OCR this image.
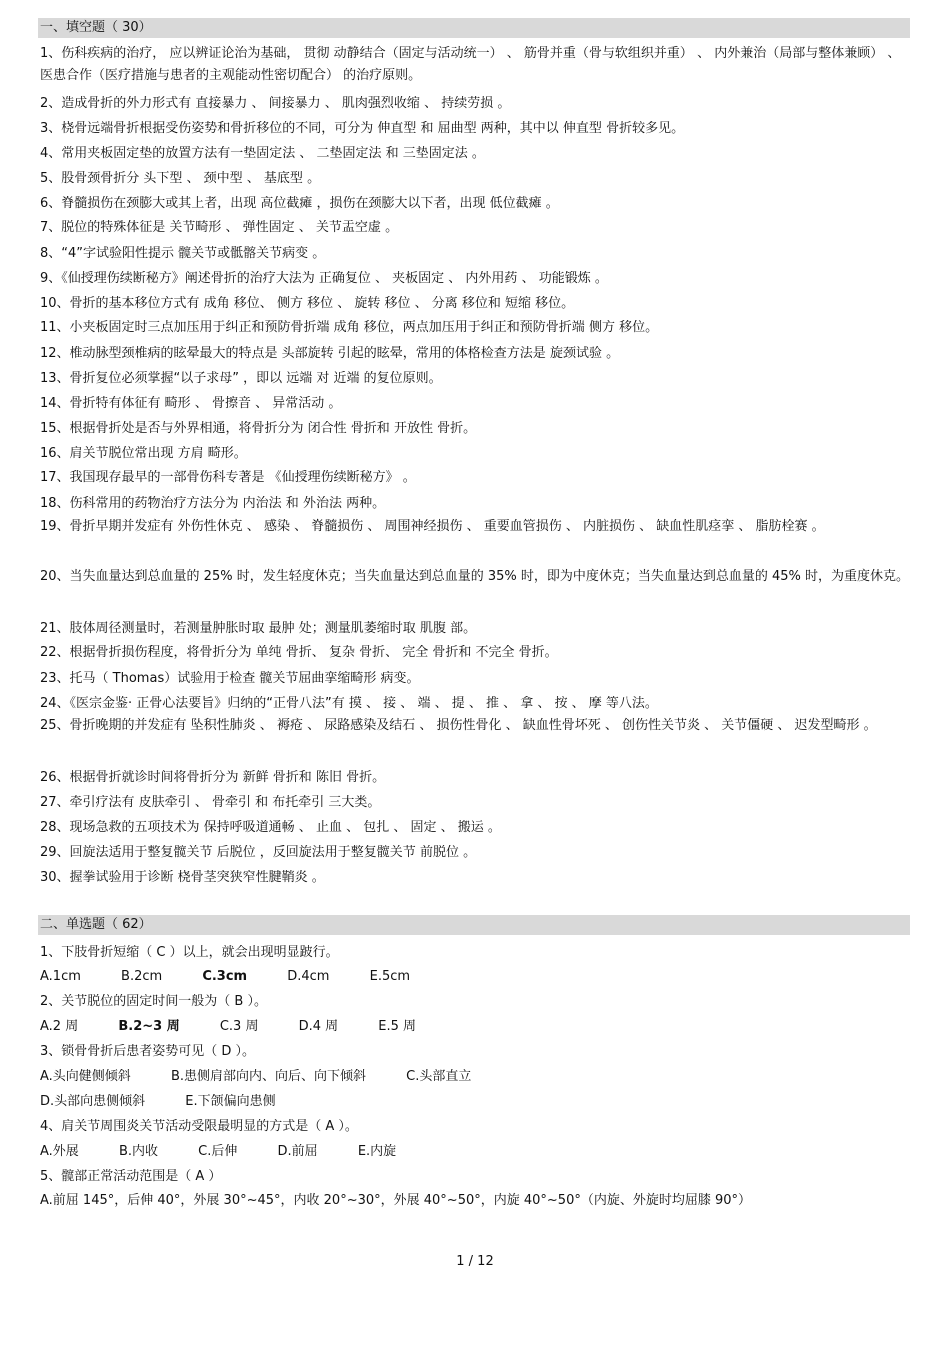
一、填空题（ 30）
1、伤科疾病的治疗， 应以辨证论治为基础， 贯彻 动静结合（固定与活动统一） 、 筋骨并重（骨与软组织并重） 、 内外兼治（局部与整体兼顾） 、 医患合作（医疗措施与患者的主观能动性密切配合） 的治疗原则。
2、造成骨折的外力形式有 直接暴力 、 间接暴力 、 肌肉强烈收缩 、 持续劳损 。
3、桡骨远端骨折根据受伤姿势和骨折移位的不同，可分为 伸直型 和 屈曲型 两种，其中以 伸直型 骨折较多见。
4、常用夹板固定垫的放置方法有一垫固定法 、 二垫固定法 和 三垫固定法 。
5、股骨颈骨折分 头下型 、 颈中型 、 基底型 。
6、脊髓损伤在颈膨大或其上者，出现 高位截瘫 ，损伤在颈膨大以下者，出现 低位截瘫 。
7、脱位的特殊体征是 关节畸形 、 弹性固定 、 关节盂空虚 。
8、“4”字试验阳性提示 髋关节或骶髂关节病变 。
9、《仙授理伤续断秘方》阐述骨折的治疗大法为 正确复位 、 夹板固定 、 内外用药 、 功能锻炼 。
10、骨折的基本移位方式有 成角 移位、 侧方 移位 、 旋转 移位 、 分离 移位和 短缩 移位。
11、小夹板固定时三点加压用于纠正和预防骨折端 成角 移位，两点加压用于纠正和预防骨折端 侧方 移位。
12、椎动脉型颈椎病的眩晕最大的特点是 头部旋转 引起的眩晕，常用的体格检查方法是 旋颈试验 。
13、骨折复位必须掌握“以子求母” ，即以 远端 对 近端 的复位原则。
14、骨折特有体征有 畸形 、 骨擦音 、 异常活动 。
15、根据骨折处是否与外界相通，将骨折分为 闭合性 骨折和 开放性 骨折。
16、肩关节脱位常出现 方肩 畸形。
17、我国现存最早的一部骨伤科专著是 《仙授理伤续断秘方》 。
18、伤科常用的药物治疗方法分为 内治法 和 外治法 两种。
19、骨折早期并发症有 外伤性休克 、 感染 、 脊髓损伤 、 周围神经损伤 、 重要血管损伤 、 内脏损伤 、 缺血性肌痉挛 、 脂肪栓赛 。
20、当失血量达到总血量的 25% 时，发生轻度休克；当失血量达到总血量的 35% 时，即为中度休克；当失血量达到总血量的 45% 时，为重度休克。
21、肢体周径测量时，若测量肿胀时取 最肿 处；测量肌萎缩时取 肌腹 部。
22、根据骨折损伤程度，将骨折分为 单纯 骨折、 复杂 骨折、 完全 骨折和 不完全 骨折。
23、托马（ Thomas）试验用于检查 髋关节屈曲挛缩畸形 病变。
24、《医宗金鉴· 正骨心法要旨》归纳的“正骨八法”有 摸 、 接 、 端 、 提 、 推 、 拿 、 按 、 摩 等八法。
25、骨折晚期的并发症有 坠积性肺炎 、 褥疮 、 尿路感染及结石 、 损伤性骨化 、 缺血性骨坏死 、 创伤性关节炎 、 关节僵硬 、 迟发型畸形 。
26、根据骨折就诊时间将骨折分为 新鲜 骨折和 陈旧 骨折。
27、牵引疗法有 皮肤牵引 、 骨牵引 和 布托牵引 三大类。
28、现场急救的五项技术为 保持呼吸道通畅 、 止血 、 包扎 、 固定 、 搬运 。
29、回旋法适用于整复髋关节 后脱位 ，反回旋法用于整复髋关节 前脱位 。
30、握拳试验用于诊断 桡骨茎突狭窄性腱鞘炎 。
二、单选题（ 62）
1、下肢骨折短缩（ C ）以上，就会出现明显跛行。
A.1cm	B.2cm	C.3cm	D.4cm	E.5cm
2、关节脱位的固定时间一般为（ B ）。
A.2 周	B.2~3 周	C.3 周	D.4 周	E.5 周
3、锁骨骨折后患者姿势可见（ D ）。
A.头向健侧倾斜	B.患侧肩部向内、向后、向下倾斜	C.头部直立
D.头部向患侧倾斜	E.下颌偏向患侧
4、肩关节周围炎关节活动受限最明显的方式是（ A ）。
A.外展	B.内收	C.后伸	D.前屈	E.内旋
5、髋部正常活动范围是（ A ）
A.前屈 145°，后伸 40°，外展 30°~45°，内收 20°~30°，外展 40°~50°，内旋 40°~50°（内旋、外旋时均屈膝 90°）
1 / 12
